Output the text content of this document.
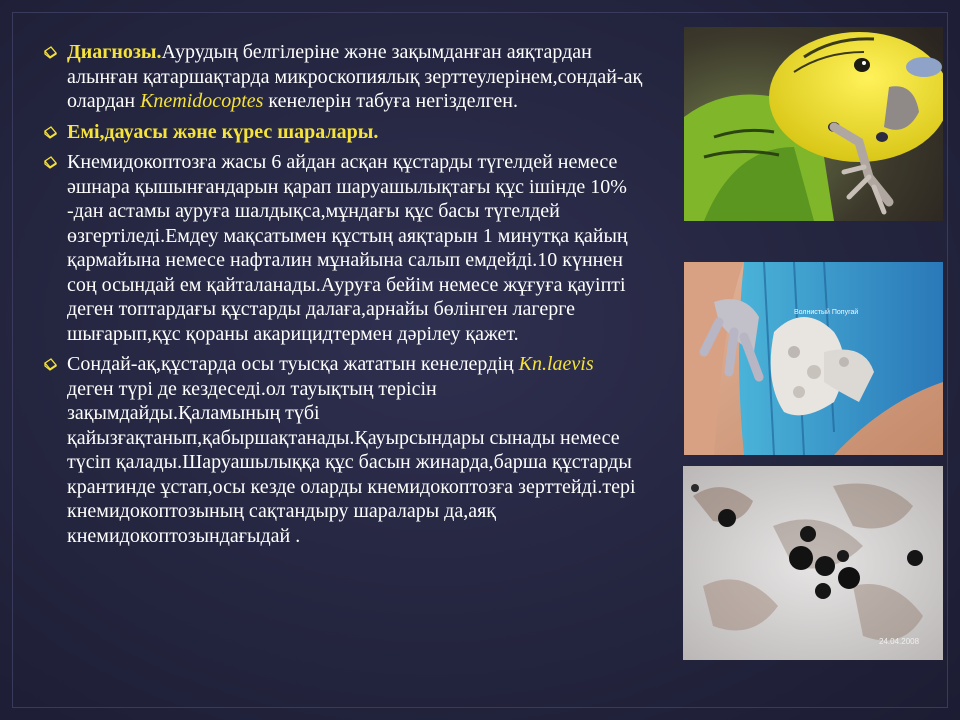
Диагнозы.Аурудың белгілеріне және зақымданған аяқтардан алынған қатаршақтарда микроскопиялық зерттеулерінем,сондай-ақ олардан Knemidocoptes кенелерін табуға негізделген.
Емі,дауасы және күрес шаралары.
Кнемидокоптозға жасы 6 айдан асқан құстарды түгелдей немесе әшнара қышынғандарын қарап шаруашылықтағы құс ішінде 10% -дан астамы ауруға шалдықса,мұндағы құс басы түгелдей өзгертіледі.Емдеу мақсатымен құстың аяқтарын 1 минутқа қайың қармайына немесе нафталин мұнайына салып емдейді.10 күннен соң осындай ем қайталанады.Ауруға бейім немесе жұғуға қауіпті деген топтардағы құстарды далаға,арнайы бөлінген лагерге шығарып,құс қораны акарицидтермен дәрілеу қажет.
Сондай-ақ,құстарда осы туысқа жататын кенелердің Kn.laevis деген түрі де кездеседі.ол тауықтың терісін зақымдайды.Қаламының түбі қайызғақтанып,қабыршақтанады.Қауырсындары сынады немесе түсіп қалады.Шаруашылыққа құс басын жинарда,барша құстарды крантинде ұстап,осы кезде оларды кнемидокоптозға зерттейді.тері кнемидокоптозының сақтандыру шаралары да,аяқ кнемидокоптозындағыдай .
Волнистый Попугай
24.04.2008
